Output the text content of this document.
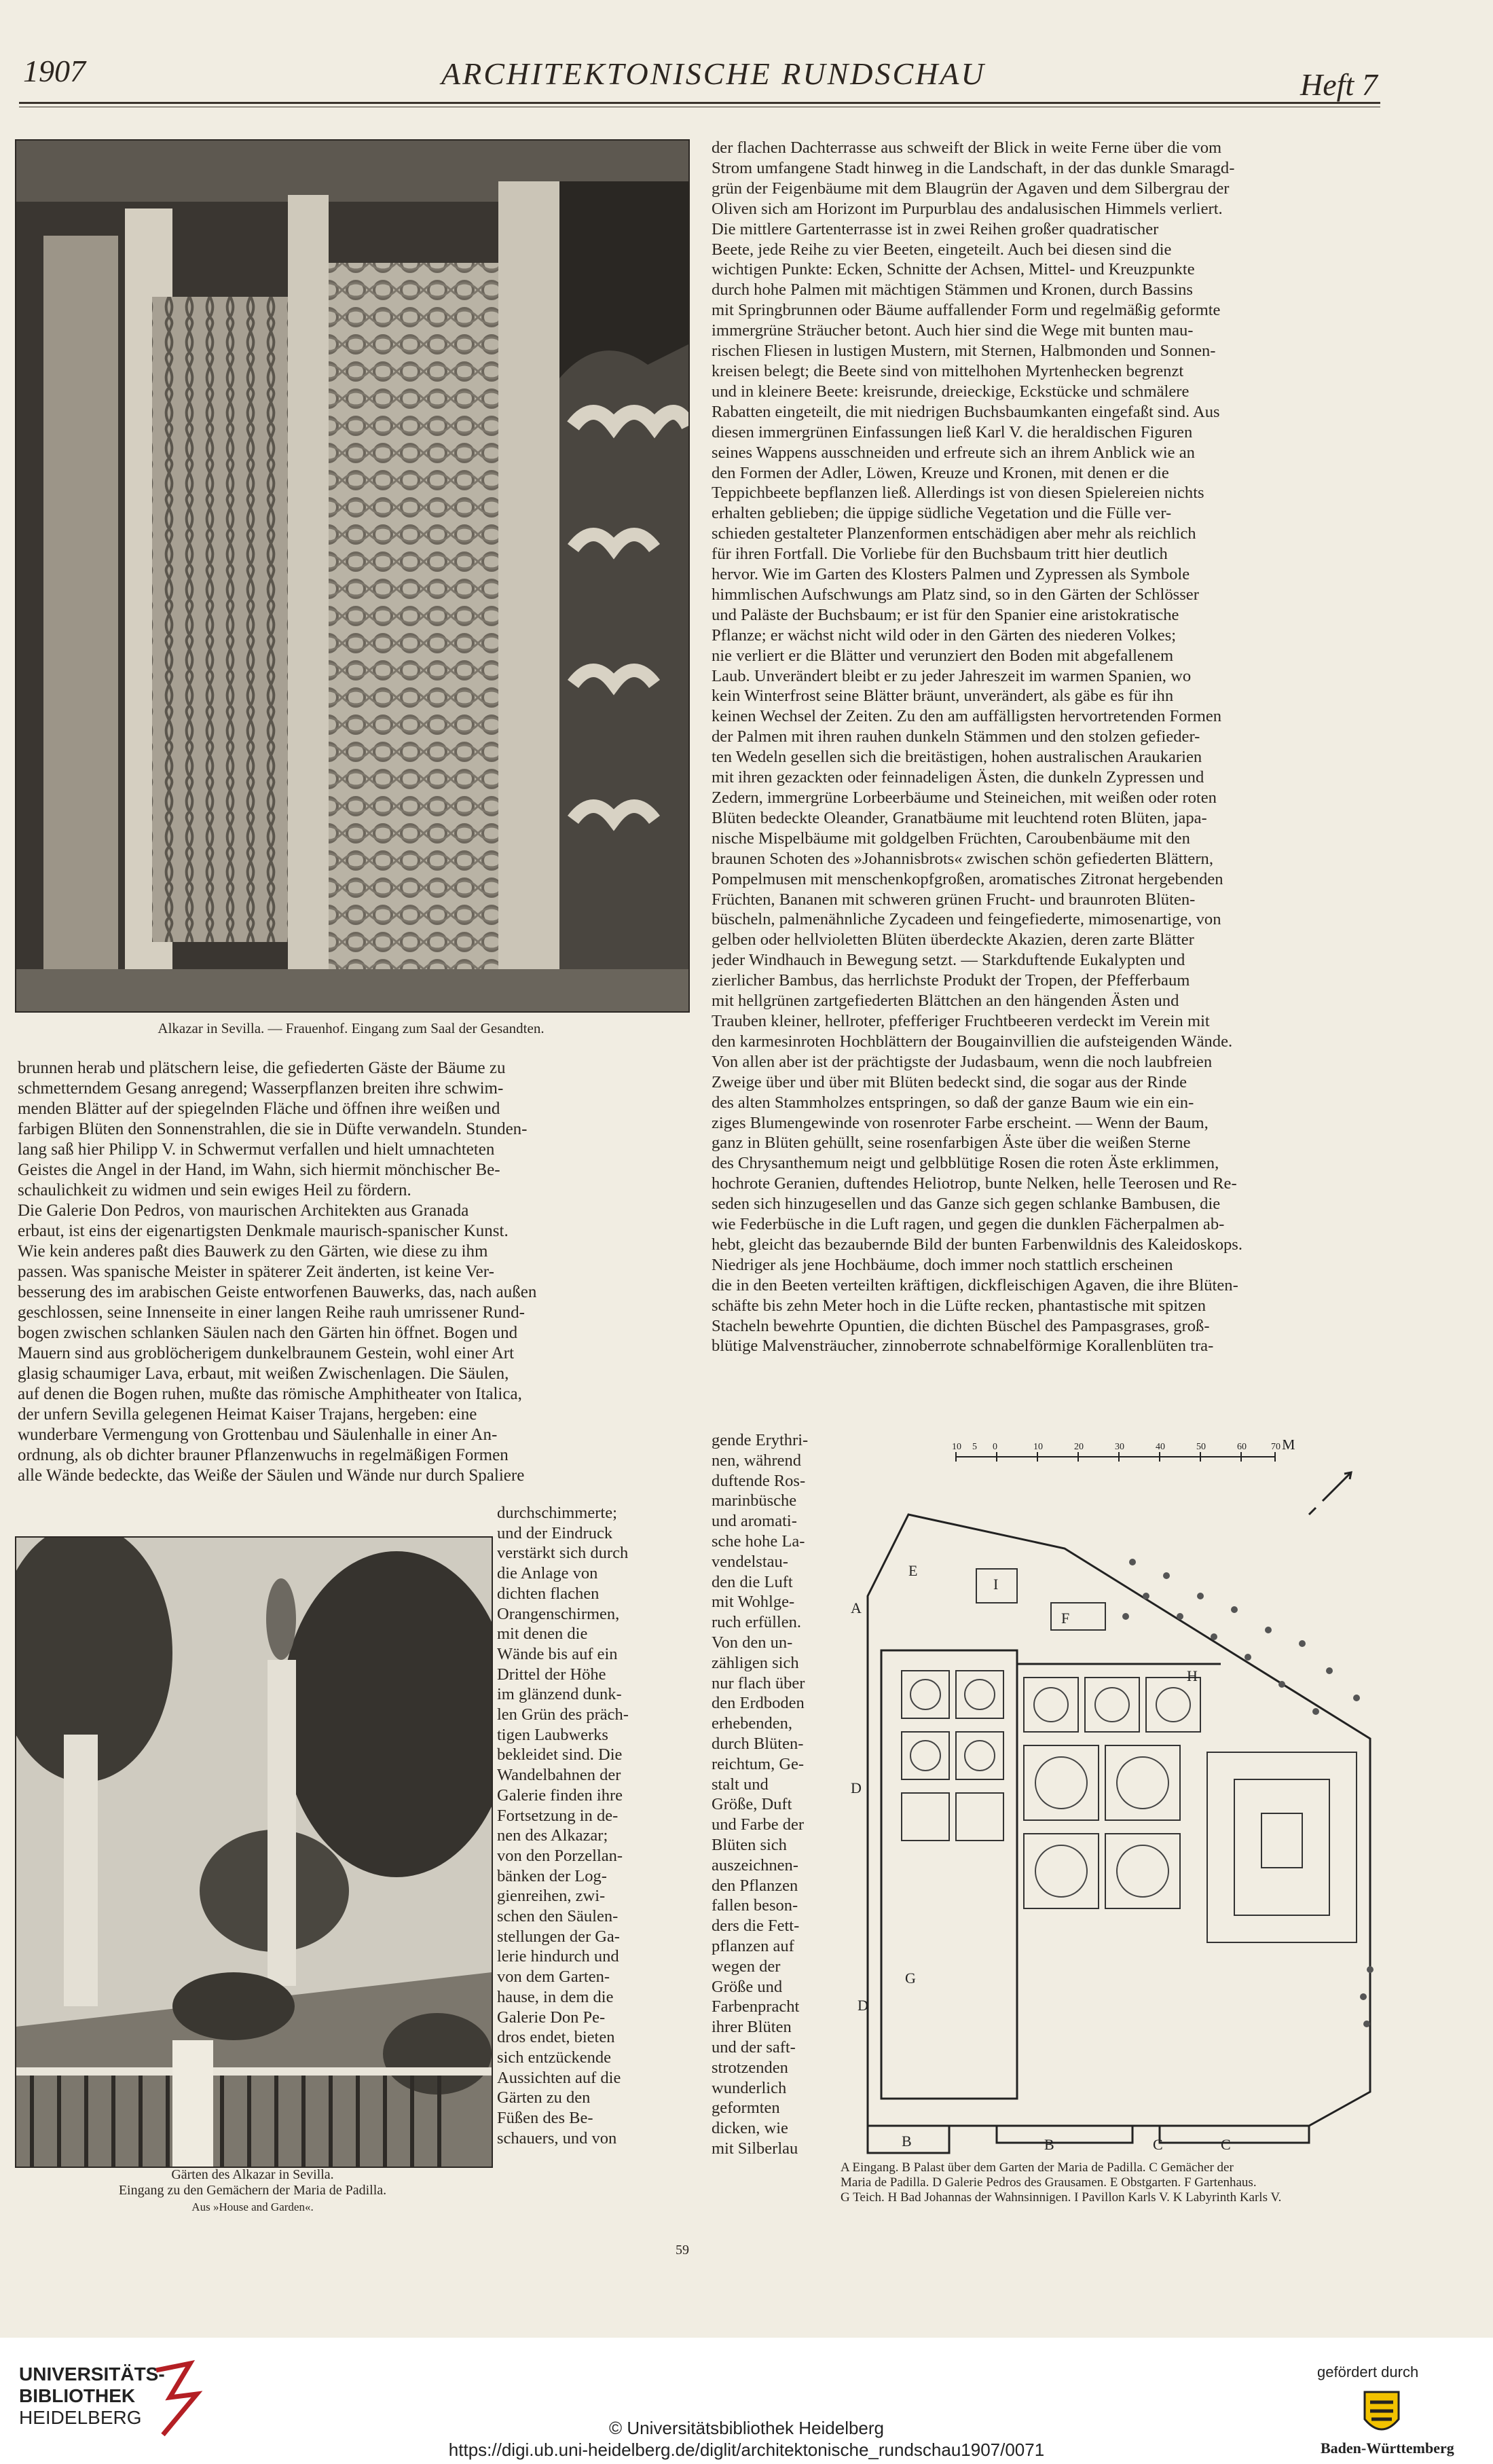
1907	ARCHITEKTONISCHE RUNDSCHAU	Heft 7
Alkazar in Sevilla. — Frauenhof. Eingang zum Saal der Gesandten.
brunnen herab und plätschern leise, die gefiederten Gäste der Bäume zu
schmetterndem Gesang anregend; Wasserpflanzen breiten ihre schwim-
menden Blätter auf der spiegelnden Fläche und öffnen ihre weißen und
farbigen Blüten den Sonnenstrahlen, die sie in Düfte verwandeln. Stunden-
lang saß hier Philipp V. in Schwermut verfallen und hielt umnachteten
Geistes die Angel in der Hand, im Wahn, sich hiermit mönchischer Be-
schaulichkeit zu widmen und sein ewiges Heil zu fördern.
Die Galerie Don Pedros, von maurischen Architekten aus Granada
erbaut, ist eins der eigenartigsten Denkmale maurisch-spanischer Kunst.
Wie kein anderes paßt dies Bauwerk zu den Gärten, wie diese zu ihm
passen. Was spanische Meister in späterer Zeit änderten, ist keine Ver-
besserung des im arabischen Geiste entworfenen Bauwerks, das, nach außen
geschlossen, seine Innenseite in einer langen Reihe rauh umrissener Rund-
bogen zwischen schlanken Säulen nach den Gärten hin öffnet. Bogen und
Mauern sind aus groblöcherigem dunkelbraunem Gestein, wohl einer Art
glasig schaumiger Lava, erbaut, mit weißen Zwischenlagen. Die Säulen,
auf denen die Bogen ruhen, mußte das römische Amphitheater von Italica,
der unfern Sevilla gelegenen Heimat Kaiser Trajans, hergeben: eine
wunderbare Vermengung von Grottenbau und Säulenhalle in einer An-
ordnung, als ob dichter brauner Pflanzenwuchs in regelmäßigen Formen
alle Wände bedeckte, das Weiße der Säulen und Wände nur durch Spaliere
Gärten des Alkazar in Sevilla.
Eingang zu den Gemächern der Maria de Padilla.
Aus »House and Garden«.
durchschimmerte;
und der Eindruck
verstärkt sich durch
die Anlage von
dichten flachen
Orangenschirmen,
mit denen die
Wände bis auf ein
Drittel der Höhe
im glänzend dunk-
len Grün des präch-
tigen Laubwerks
bekleidet sind. Die
Wandelbahnen der
Galerie finden ihre
Fortsetzung in de-
nen des Alkazar;
von den Porzellan-
bänken der Log-
gienreihen, zwi-
schen den Säulen-
stellungen der Ga-
lerie hindurch und
von dem Garten-
hause, in dem die
Galerie Don Pe-
dros endet, bieten
sich entzückende
Aussichten auf die
Gärten zu den
Füßen des Be-
schauers, und von
der flachen Dachterrasse aus schweift der Blick in weite Ferne über die vom
Strom umfangene Stadt hinweg in die Landschaft, in der das dunkle Smaragd-
grün der Feigenbäume mit dem Blaugrün der Agaven und dem Silbergrau der
Oliven sich am Horizont im Purpurblau des andalusischen Himmels verliert.
Die mittlere Gartenterrasse ist in zwei Reihen großer quadratischer
Beete, jede Reihe zu vier Beeten, eingeteilt. Auch bei diesen sind die
wichtigen Punkte: Ecken, Schnitte der Achsen, Mittel- und Kreuzpunkte
durch hohe Palmen mit mächtigen Stämmen und Kronen, durch Bassins
mit Springbrunnen oder Bäume auffallender Form und regelmäßig geformte
immergrüne Sträucher betont. Auch hier sind die Wege mit bunten mau-
rischen Fliesen in lustigen Mustern, mit Sternen, Halbmonden und Sonnen-
kreisen belegt; die Beete sind von mittelhohen Myrtenhecken begrenzt
und in kleinere Beete: kreisrunde, dreieckige, Eckstücke und schmälere
Rabatten eingeteilt, die mit niedrigen Buchsbaumkanten eingefaßt sind. Aus
diesen immergrünen Einfassungen ließ Karl V. die heraldischen Figuren
seines Wappens ausschneiden und erfreute sich an ihrem Anblick wie an
den Formen der Adler, Löwen, Kreuze und Kronen, mit denen er die
Teppichbeete bepflanzen ließ. Allerdings ist von diesen Spielereien nichts
erhalten geblieben; die üppige südliche Vegetation und die Fülle ver-
schieden gestalteter Planzenformen entschädigen aber mehr als reichlich
für ihren Fortfall. Die Vorliebe für den Buchsbaum tritt hier deutlich
hervor. Wie im Garten des Klosters Palmen und Zypressen als Symbole
himmlischen Aufschwungs am Platz sind, so in den Gärten der Schlösser
und Paläste der Buchsbaum; er ist für den Spanier eine aristokratische
Pflanze; er wächst nicht wild oder in den Gärten des niederen Volkes;
nie verliert er die Blätter und verunziert den Boden mit abgefallenem
Laub. Unverändert bleibt er zu jeder Jahreszeit im warmen Spanien, wo
kein Winterfrost seine Blätter bräunt, unverändert, als gäbe es für ihn
keinen Wechsel der Zeiten. Zu den am auffälligsten hervortretenden Formen
der Palmen mit ihren rauhen dunkeln Stämmen und den stolzen gefieder-
ten Wedeln gesellen sich die breitästigen, hohen australischen Araukarien
mit ihren gezackten oder feinnadeligen Ästen, die dunkeln Zypressen und
Zedern, immergrüne Lorbeerbäume und Steineichen, mit weißen oder roten
Blüten bedeckte Oleander, Granatbäume mit leuchtend roten Blüten, japa-
nische Mispelbäume mit goldgelben Früchten, Caroubenbäume mit den
braunen Schoten des »Johannisbrots« zwischen schön gefiederten Blättern,
Pompelmusen mit menschenkopfgroßen, aromatisches Zitronat hergebenden
Früchten, Bananen mit schweren grünen Frucht- und braunroten Blüten-
büscheln, palmenähnliche Zycadeen und feingefiederte, mimosenartige, von
gelben oder hellvioletten Blüten überdeckte Akazien, deren zarte Blätter
jeder Windhauch in Bewegung setzt. — Starkduftende Eukalypten und
zierlicher Bambus, das herrlichste Produkt der Tropen, der Pfefferbaum
mit hellgrünen zartgefiederten Blättchen an den hängenden Ästen und
Trauben kleiner, hellroter, pfefferiger Fruchtbeeren verdeckt im Verein mit
den karmesinroten Hochblättern der Bougainvillien die aufsteigenden Wände.
Von allen aber ist der prächtigste der Judasbaum, wenn die noch laubfreien
Zweige über und über mit Blüten bedeckt sind, die sogar aus der Rinde
des alten Stammholzes entspringen, so daß der ganze Baum wie ein ein-
ziges Blumengewinde von rosenroter Farbe erscheint. — Wenn der Baum,
ganz in Blüten gehüllt, seine rosenfarbigen Äste über die weißen Sterne
des Chrysanthemum neigt und gelbblütige Rosen die roten Äste erklimmen,
hochrote Geranien, duftendes Heliotrop, bunte Nelken, helle Teerosen und Re-
seden sich hinzugesellen und das Ganze sich gegen schlanke Bambusen, die
wie Federbüsche in die Luft ragen, und gegen die dunklen Fächerpalmen ab-
hebt, gleicht das bezaubernde Bild der bunten Farbenwildnis des Kaleidoskops.
Niedriger als jene Hochbäume, doch immer noch stattlich erscheinen
die in den Beeten verteilten kräftigen, dickfleischigen Agaven, die ihre Blüten-
schäfte bis zehn Meter hoch in die Lüfte recken, phantastische mit spitzen
Stacheln bewehrte Opuntien, die dichten Büschel des Pampasgrases, groß-
blütige Malvensträucher, zinnoberrote schnabelförmige Korallenblüten tra-
gende Erythri-
nen, während
duftende Ros-
marinbüsche
und aromati-
sche hohe La-
vendelstau-
den die Luft
mit Wohlge-
ruch erfüllen.
Von den un-
zähligen sich
nur flach über
den Erdboden
erhebenden,
durch Blüten-
reichtum, Ge-
stalt und
Größe, Duft
und Farbe der
Blüten sich
auszeichnen-
den Pflanzen
fallen beson-
ders die Fett-
pflanzen auf
wegen der
Größe und
Farbenpracht
ihrer Blüten
und der saft-
strotzenden
wunderlich
geformten
dicken, wie
mit Silberlau
A
B	B	C	C
D
D
E
F
G
H
I
10 5 0	10	20	30	40	50	60	70 M
A Eingang. B Palast über dem Garten der Maria de Padilla. C Gemächer der
Maria de Padilla. D Galerie Pedros des Grausamen. E Obstgarten. F Gartenhaus.
G Teich. H Bad Johannas der Wahnsinnigen. I Pavillon Karls V. K Labyrinth Karls V.
59
UNIVERSITÄTS-
BIBLIOTHEK
HEIDELBERG	© Universitätsbibliothek Heidelberg
https://digi.ub.uni-heidelberg.de/diglit/architektonische_rundschau1907/0071
gefördert durch
Baden-Württemberg
